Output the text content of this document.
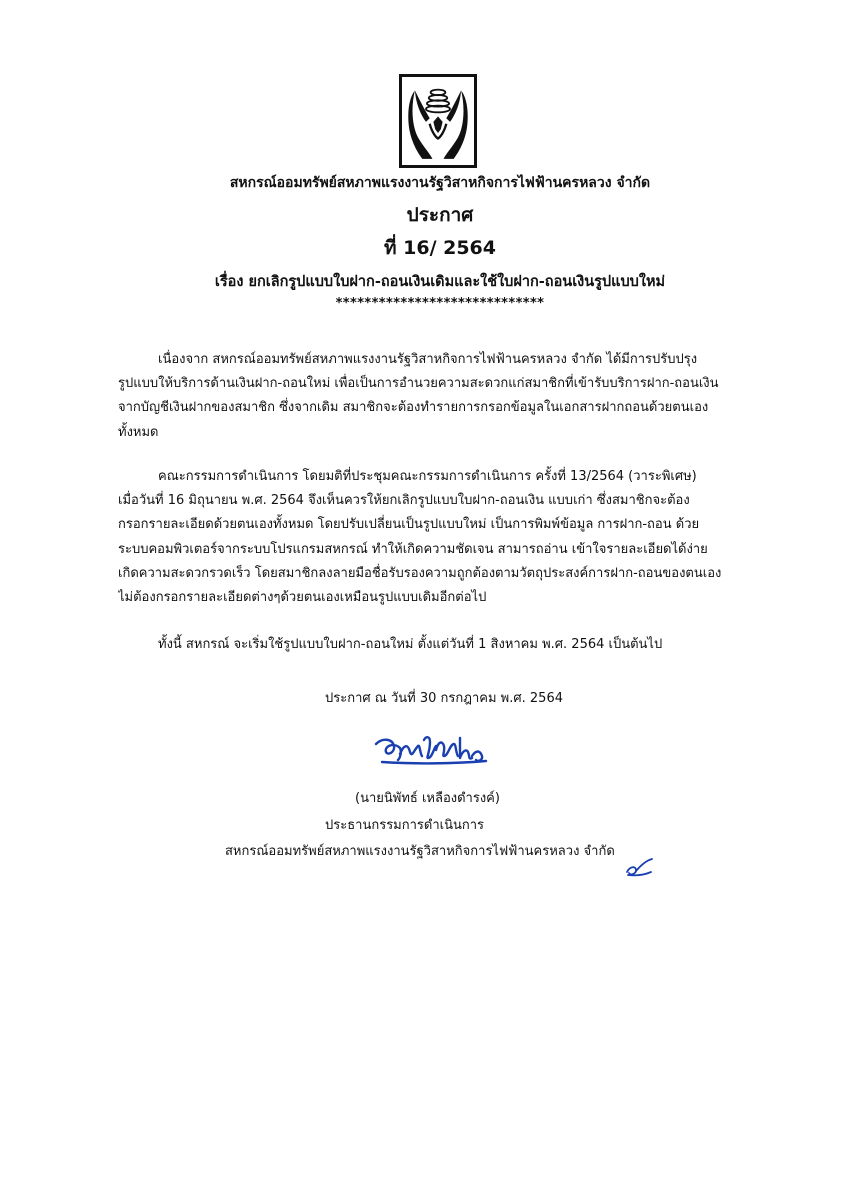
สหกรณ์ออมทรัพย์สหภาพแรงงานรัฐวิสาหกิจการไฟฟ้านครหลวง จำกัด
ประกาศ
ที่ 16/ 2564
เรื่อง ยกเลิกรูปแบบใบฝาก-ถอนเงินเดิมและใช้ใบฝาก-ถอนเงินรูปแบบใหม่
*****************************
เนื่องจาก สหกรณ์ออมทรัพย์สหภาพแรงงานรัฐวิสาหกิจการไฟฟ้านครหลวง จำกัด ได้มีการปรับปรุง
รูปแบบให้บริการด้านเงินฝาก-ถอนใหม่ เพื่อเป็นการอำนวยความสะดวกแก่สมาชิกที่เข้ารับบริการฝาก-ถอนเงิน
จากบัญชีเงินฝากของสมาชิก ซึ่งจากเดิม สมาชิกจะต้องทำรายการกรอกข้อมูลในเอกสารฝากถอนด้วยตนเอง
ทั้งหมด
คณะกรรมการดำเนินการ โดยมติที่ประชุมคณะกรรมการดำเนินการ ครั้งที่ 13/2564 (วาระพิเศษ)
เมื่อวันที่ 16 มิถุนายน พ.ศ. 2564 จึงเห็นควรให้ยกเลิกรูปแบบใบฝาก-ถอนเงิน แบบเก่า ซึ่งสมาชิกจะต้อง
กรอกรายละเอียดด้วยตนเองทั้งหมด โดยปรับเปลี่ยนเป็นรูปแบบใหม่ เป็นการพิมพ์ข้อมูล การฝาก-ถอน ด้วย
ระบบคอมพิวเตอร์จากระบบโปรแกรมสหกรณ์ ทำให้เกิดความชัดเจน สามารถอ่าน เข้าใจรายละเอียดได้ง่าย
เกิดความสะดวกรวดเร็ว โดยสมาชิกลงลายมือชื่อรับรองความถูกต้องตามวัตถุประสงค์การฝาก-ถอนของตนเอง
ไม่ต้องกรอกรายละเอียดต่างๆด้วยตนเองเหมือนรูปแบบเดิมอีกต่อไป
ทั้งนี้ สหกรณ์ จะเริ่มใช้รูปแบบใบฝาก-ถอนใหม่ ตั้งแต่วันที่ 1 สิงหาคม พ.ศ. 2564 เป็นต้นไป
ประกาศ ณ วันที่ 30 กรกฎาคม พ.ศ. 2564
(นายนิพัทธ์ เหลืองดำรงค์)
ประธานกรรมการดำเนินการ
สหกรณ์ออมทรัพย์สหภาพแรงงานรัฐวิสาหกิจการไฟฟ้านครหลวง จำกัด
